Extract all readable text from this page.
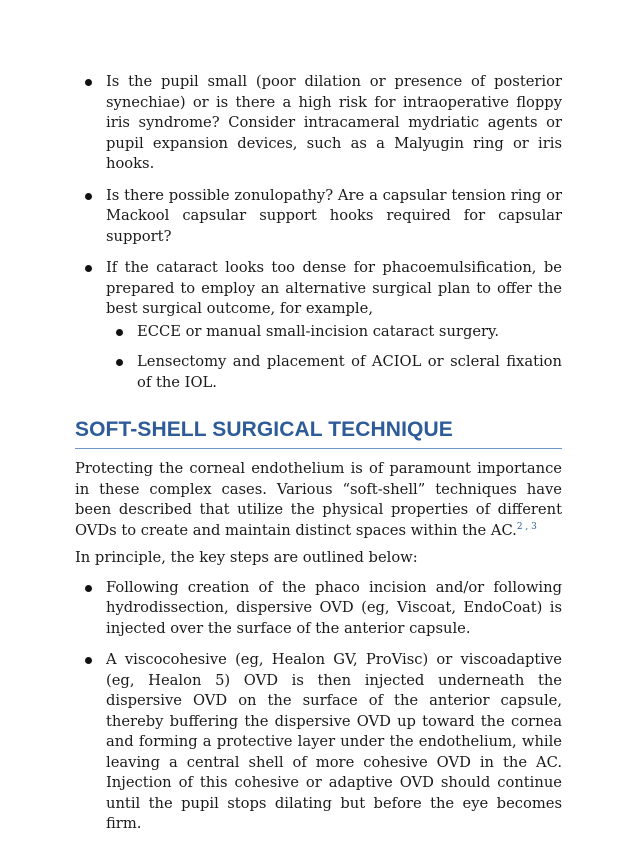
Is the pupil small (poor dilation or presence of posterior synechiae) or is there a high risk for intraoperative floppy iris syndrome? Consider intracameral mydriatic agents or pupil expansion devices, such as a Malyugin ring or iris hooks.
Is there possible zonulopathy? Are a capsular tension ring or Mackool capsular support hooks required for capsular support?
If the cataract looks too dense for phacoemulsification, be prepared to employ an alternative surgical plan to offer the best surgical outcome, for example,
ECCE or manual small-incision cataract surgery.
Lensectomy and placement of ACIOL or scleral fixation of the IOL.
SOFT-SHELL SURGICAL TECHNIQUE

Protecting the corneal endothelium is of paramount importance in these complex cases. Various “soft-shell” techniques have been described that utilize the physical properties of different OVDs to create and maintain distinct spaces within the AC.$^{2 , 3}$

In principle, the key steps are outlined below:

Following creation of the phaco incision and/or following hydrodissection, dispersive OVD (eg, Viscoat, EndoCoat) is injected over the surface of the anterior capsule.
A viscocohesive (eg, Healon GV, ProVisc) or viscoadaptive (eg, Healon 5) OVD is then injected underneath the dispersive OVD on the surface of the anterior capsule, thereby buffering the dispersive OVD up toward the cornea and forming a protective layer under the endothelium, while leaving a central shell of more cohesive OVD in the AC. Injection of this cohesive or adaptive OVD should continue until the pupil stops dilating but before the eye becomes firm.
